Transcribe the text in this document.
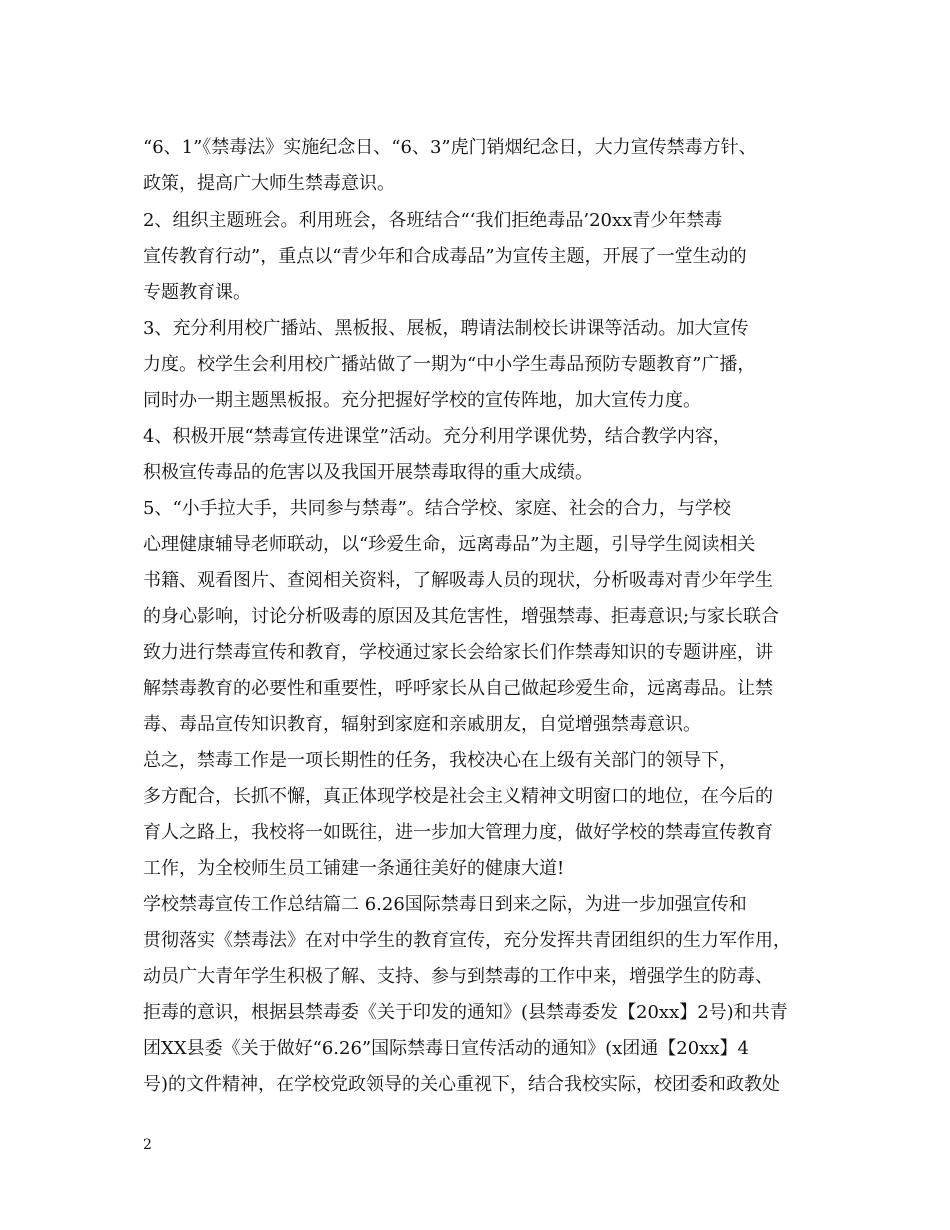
“6、1”《禁毒法》实施纪念日、“6、3”虎门销烟纪念日，大力宣传禁毒方针、

政策，提高广大师生禁毒意识。

2、组织主题班会。利用班会，各班结合“‘我们拒绝毒品’20xx青少年禁毒

宣传教育行动”，重点以“青少年和合成毒品”为宣传主题，开展了一堂生动的

专题教育课。

3、充分利用校广播站、黑板报、展板，聘请法制校长讲课等活动。加大宣传

力度。校学生会利用校广播站做了一期为“中小学生毒品预防专题教育”广播，

同时办一期主题黑板报。充分把握好学校的宣传阵地，加大宣传力度。

4、积极开展“禁毒宣传进课堂”活动。充分利用学课优势，结合教学内容，

积极宣传毒品的危害以及我国开展禁毒取得的重大成绩。

5、“小手拉大手，共同参与禁毒”。结合学校、家庭、社会的合力，与学校

心理健康辅导老师联动，以“珍爱生命，远离毒品”为主题，引导学生阅读相关

书籍、观看图片、查阅相关资料，了解吸毒人员的现状，分析吸毒对青少年学生

的身心影响，讨论分析吸毒的原因及其危害性，增强禁毒、拒毒意识;与家长联合

致力进行禁毒宣传和教育，学校通过家长会给家长们作禁毒知识的专题讲座，讲

解禁毒教育的必要性和重要性，呼呼家长从自己做起珍爱生命，远离毒品。让禁

毒、毒品宣传知识教育，辐射到家庭和亲戚朋友，自觉增强禁毒意识。

总之，禁毒工作是一项长期性的任务，我校决心在上级有关部门的领导下，

多方配合，长抓不懈，真正体现学校是社会主义精神文明窗口的地位，在今后的

育人之路上，我校将一如既往，进一步加大管理力度，做好学校的禁毒宣传教育

工作，为全校师生员工铺建一条通往美好的健康大道!

学校禁毒宣传工作总结篇二 6.26国际禁毒日到来之际，为进一步加强宣传和

贯彻落实《禁毒法》在对中学生的教育宣传，充分发挥共青团组织的生力军作用，

动员广大青年学生积极了解、支持、参与到禁毒的工作中来，增强学生的防毒、

拒毒的意识，根据县禁毒委《关于印发的通知》(县禁毒委发【20xx】2号)和共青

团XX县委《关于做好“6.26”国际禁毒日宣传活动的通知》(x团通【20xx】4

号)的文件精神，在学校党政领导的关心重视下，结合我校实际，校团委和政教处

2
